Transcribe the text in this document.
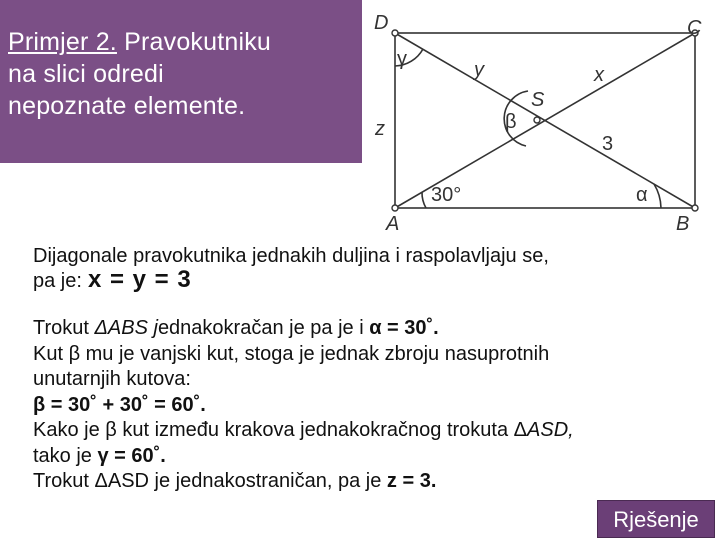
Primjer 2. Pravokutniku
na slici odredi
nepoznate elemente.
D	C
A	B
S
γ	y	x
β
z
3
30°	α
Dijagonale pravokutnika jednakih duljina i raspolavljaju se,
pa je: x = y = 3
Trokut ΔABS jednakokračan je pa je i α = 30˚.
Kut β mu je vanjski kut, stoga je jednak zbroju nasuprotnih
unutarnjih kutova:
β = 30˚ + 30˚ = 60˚.
Kako je β kut između krakova jednakokračnog trokuta ΔASD,
tako je γ = 60˚.
Trokut ΔASD je jednakostraničan, pa je z = 3.
Rješenje
